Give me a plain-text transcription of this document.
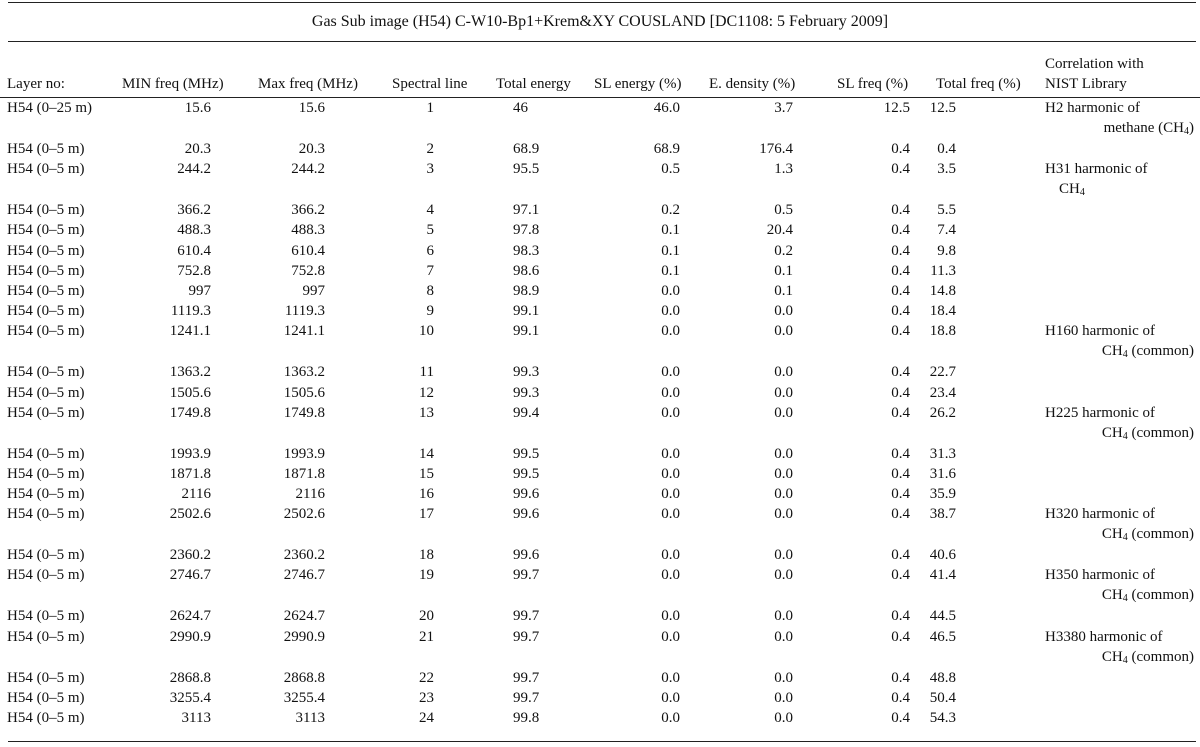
Gas Sub image (H54) C-W10-Bp1+Krem&XY COUSLAND [DC1108: 5 February 2009]
Layer no:	MIN freq (MHz)	Max freq (MHz)	Spectral line	Total energy	SL energy (%)	E. density (%)	SL freq (%)	Total freq (%)	Correlation with
NIST Library

H54 (0–25 m)	15.6	15.6	1	46	46.0	3.7	12.5	12.5	H2 harmonic of
methane $(CH_4)$

H54 (0–5 m)	20.3	20.3	2	68.9	68.9	176.4	0.4	0.4	
H54 (0–5 m)	244.2	244.2	3	95.5	0.5	1.3	0.4	3.5	H31 harmonic of
$CH_4$

H54 (0–5 m)	366.2	366.2	4	97.1	0.2	0.5	0.4	5.5	
H54 (0–5 m)	488.3	488.3	5	97.8	0.1	20.4	0.4	7.4	
H54 (0–5 m)	610.4	610.4	6	98.3	0.1	0.2	0.4	9.8	
H54 (0–5 m)	752.8	752.8	7	98.6	0.1	0.1	0.4	11.3	
H54 (0–5 m)	997	997	8	98.9	0.0	0.1	0.4	14.8	
H54 (0–5 m)	1119.3	1119.3	9	99.1	0.0	0.0	0.4	18.4	
H54 (0–5 m)	1241.1	1241.1	10	99.1	0.0	0.0	0.4	18.8	H160 harmonic of
$CH_4$ (common)

H54 (0–5 m)	1363.2	1363.2	11	99.3	0.0	0.0	0.4	22.7	
H54 (0–5 m)	1505.6	1505.6	12	99.3	0.0	0.0	0.4	23.4	
H54 (0–5 m)	1749.8	1749.8	13	99.4	0.0	0.0	0.4	26.2	H225 harmonic of
$CH_4$ (common)

H54 (0–5 m)	1993.9	1993.9	14	99.5	0.0	0.0	0.4	31.3	
H54 (0–5 m)	1871.8	1871.8	15	99.5	0.0	0.0	0.4	31.6	
H54 (0–5 m)	2116	2116	16	99.6	0.0	0.0	0.4	35.9	
H54 (0–5 m)	2502.6	2502.6	17	99.6	0.0	0.0	0.4	38.7	H320 harmonic of
$CH_4$ (common)

H54 (0–5 m)	2360.2	2360.2	18	99.6	0.0	0.0	0.4	40.6	
H54 (0–5 m)	2746.7	2746.7	19	99.7	0.0	0.0	0.4	41.4	H350 harmonic of
$CH_4$ (common)

H54 (0–5 m)	2624.7	2624.7	20	99.7	0.0	0.0	0.4	44.5	
H54 (0–5 m)	2990.9	2990.9	21	99.7	0.0	0.0	0.4	46.5	H3380 harmonic of
$CH_4$ (common)

H54 (0–5 m)	2868.8	2868.8	22	99.7	0.0	0.0	0.4	48.8	
H54 (0–5 m)	3255.4	3255.4	23	99.7	0.0	0.0	0.4	50.4	
H54 (0–5 m)	3113	3113	24	99.8	0.0	0.0	0.4	54.3	
